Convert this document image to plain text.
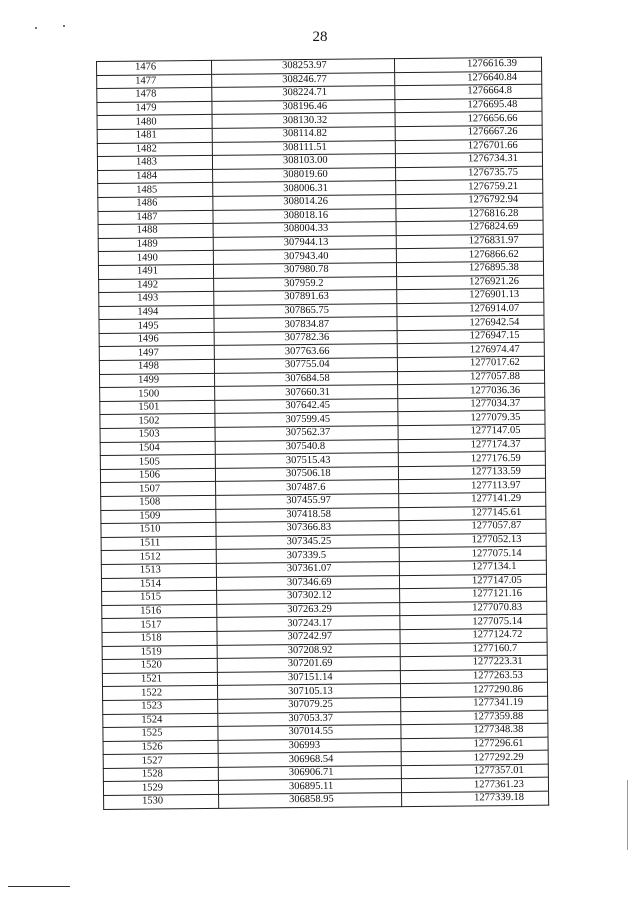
28
1476	308253.97	1276616.39
1477	308246.77	1276640.84
1478	308224.71	1276664.8
1479	308196.46	1276695.48
1480	308130.32	1276656.66
1481	308114.82	1276667.26
1482	308111.51	1276701.66
1483	308103.00	1276734.31
1484	308019.60	1276735.75
1485	308006.31	1276759.21
1486	308014.26	1276792.94
1487	308018.16	1276816.28
1488	308004.33	1276824.69
1489	307944.13	1276831.97
1490	307943.40	1276866.62
1491	307980.78	1276895.38
1492	307959.2	1276921.26
1493	307891.63	1276901.13
1494	307865.75	1276914.07
1495	307834.87	1276942.54
1496	307782.36	1276947.15
1497	307763.66	1276974.47
1498	307755.04	1277017.62
1499	307684.58	1277057.88
1500	307660.31	1277036.36
1501	307642.45	1277034.37
1502	307599.45	1277079.35
1503	307562.37	1277147.05
1504	307540.8	1277174.37
1505	307515.43	1277176.59
1506	307506.18	1277133.59
1507	307487.6	1277113.97
1508	307455.97	1277141.29
1509	307418.58	1277145.61
1510	307366.83	1277057.87
1511	307345.25	1277052.13
1512	307339.5	1277075.14
1513	307361.07	1277134.1
1514	307346.69	1277147.05
1515	307302.12	1277121.16
1516	307263.29	1277070.83
1517	307243.17	1277075.14
1518	307242.97	1277124.72
1519	307208.92	1277160.7
1520	307201.69	1277223.31
1521	307151.14	1277263.53
1522	307105.13	1277290.86
1523	307079.25	1277341.19
1524	307053.37	1277359.88
1525	307014.55	1277348.38
1526	306993	1277296.61
1527	306968.54	1277292.29
1528	306906.71	1277357.01
1529	306895.11	1277361.23
1530	306858.95	1277339.18
